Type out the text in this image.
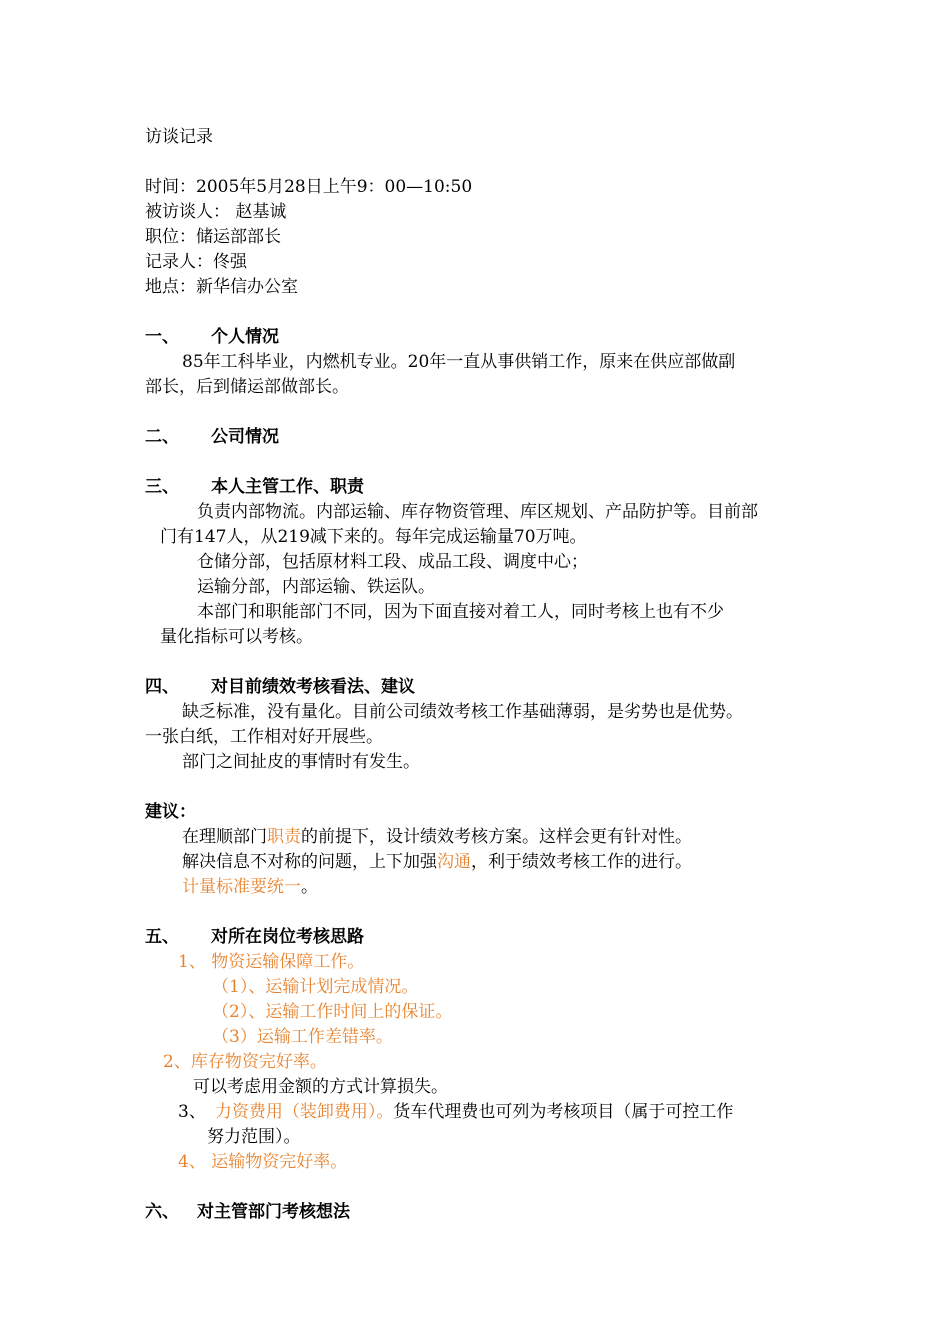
访谈记录
时间：2005年5月28日上午9：00—10:50
被访谈人： 赵基诚
职位：储运部部长
记录人：佟强
地点：新华信办公室
一、 个人情况
85年工科毕业，内燃机专业。20年一直从事供销工作，原来在供应部做副
部长，后到储运部做部长。
二、 公司情况
三、 本人主管工作、职责
负责内部物流。内部运输、库存物资管理、库区规划、产品防护等。目前部
门有147人，从219减下来的。每年完成运输量70万吨。
仓储分部，包括原材料工段、成品工段、调度中心；
运输分部，内部运输、铁运队。
本部门和职能部门不同，因为下面直接对着工人，同时考核上也有不少
量化指标可以考核。
四、 对目前绩效考核看法、建议
缺乏标准，没有量化。目前公司绩效考核工作基础薄弱，是劣势也是优势。
一张白纸，工作相对好开展些。
部门之间扯皮的事情时有发生。
建议：
在理顺部门职责的前提下，设计绩效考核方案。这样会更有针对性。
解决信息不对称的问题，上下加强沟通，利于绩效考核工作的进行。
计量标准要统一。
五、 对所在岗位考核思路
1、 物资运输保障工作。
（1）、运输计划完成情况。
（2）、运输工作时间上的保证。
（3）运输工作差错率。
2、库存物资完好率。
可以考虑用金额的方式计算损失。
3、 力资费用（装卸费用）。货车代理费也可列为考核项目（属于可控工作
努力范围）。
4、 运输物资完好率。
六、 对主管部门考核想法
